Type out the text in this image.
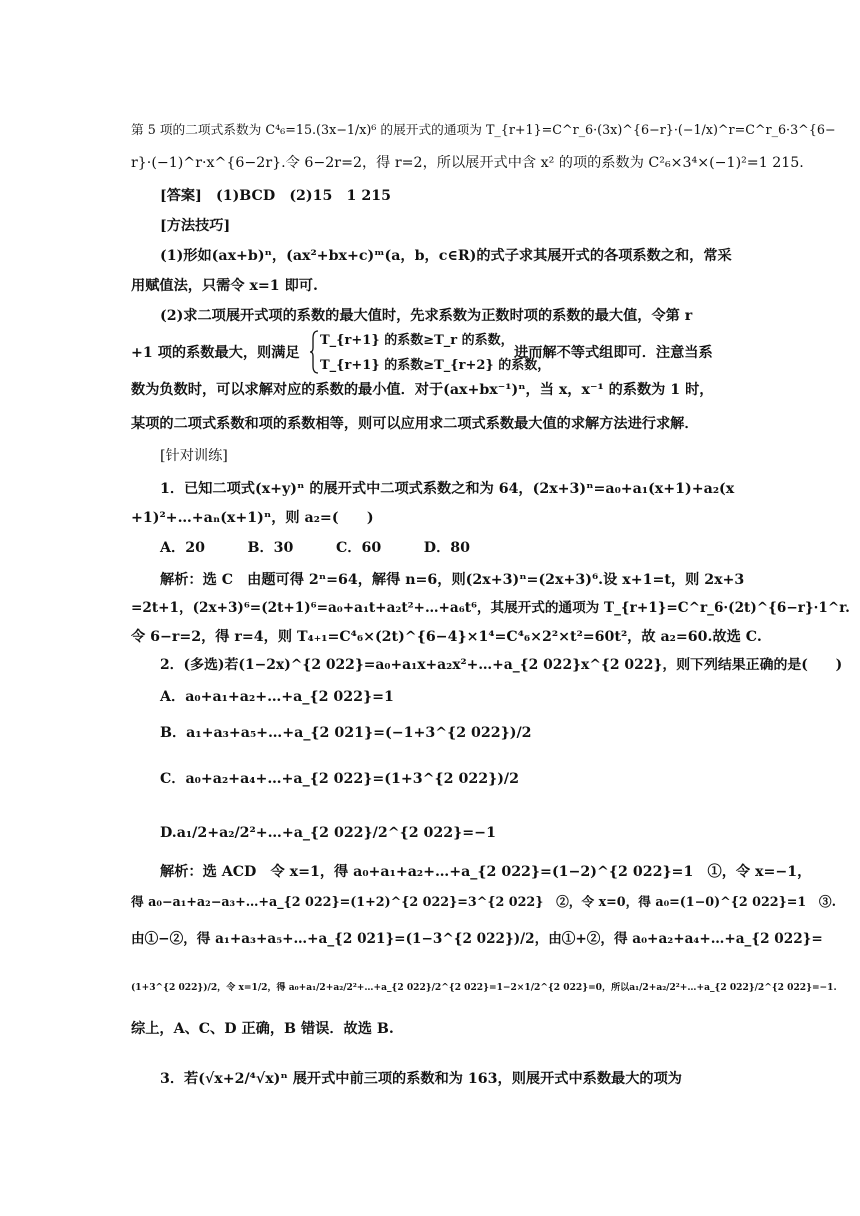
第 5 项的二项式系数为 C⁴₆=15.(3x−1/x)⁶ 的展开式的通项为 T_{r+1}=C^r_6·(3x)^{6−r}·(−1/x)^r=C^r_6·3^{6−
r}·(−1)^r·x^{6−2r}.令 6−2r=2，得 r=2，所以展开式中含 x² 的项的系数为 C²₆×3⁴×(−1)²=1 215.
[答案]　(1)BCD　(2)15　1 215
[方法技巧]
(1)形如(ax+b)ⁿ，(ax²+bx+c)ᵐ(a，b，c∈R)的式子求其展开式的各项系数之和，常采
用赋值法，只需令 x=1 即可.
(2)求二项展开式项的系数的最大值时，先求系数为正数时项的系数的最大值，令第 r
+1 项的系数最大，则满足
T_{r+1} 的系数≥T_r 的系数，
T_{r+1} 的系数≥T_{r+2} 的系数，
进而解不等式组即可．注意当系
数为负数时，可以求解对应的系数的最小值．对于(ax+bx⁻¹)ⁿ，当 x，x⁻¹ 的系数为 1 时，
某项的二项式系数和项的系数相等，则可以应用求二项式系数最大值的求解方法进行求解．
[针对训练]
1．已知二项式(x+y)ⁿ 的展开式中二项式系数之和为 64，(2x+3)ⁿ=a₀+a₁(x+1)+a₂(x
+1)²+…+aₙ(x+1)ⁿ，则 a₂=(　　)
A．20　　　B．30　　　C．60　　　D．80
解析：选 C　由题可得 2ⁿ=64，解得 n=6，则(2x+3)ⁿ=(2x+3)⁶.设 x+1=t，则 2x+3
=2t+1，(2x+3)⁶=(2t+1)⁶=a₀+a₁t+a₂t²+…+a₆t⁶，其展开式的通项为 T_{r+1}=C^r_6·(2t)^{6−r}·1^r.
令 6−r=2，得 r=4，则 T₄₊₁=C⁴₆×(2t)^{6−4}×1⁴=C⁴₆×2²×t²=60t²，故 a₂=60.故选 C.
2．(多选)若(1−2x)^{2 022}=a₀+a₁x+a₂x²+…+a_{2 022}x^{2 022}，则下列结果正确的是(　　)
A．a₀+a₁+a₂+…+a_{2 022}=1
B．a₁+a₃+a₅+…+a_{2 021}=(−1+3^{2 022})/2
C．a₀+a₂+a₄+…+a_{2 022}=(1+3^{2 022})/2
D.a₁/2+a₂/2²+…+a_{2 022}/2^{2 022}=−1
解析：选 ACD　令 x=1，得 a₀+a₁+a₂+…+a_{2 022}=(1−2)^{2 022}=1　①，令 x=−1，
得 a₀−a₁+a₂−a₃+…+a_{2 022}=(1+2)^{2 022}=3^{2 022}　②，令 x=0，得 a₀=(1−0)^{2 022}=1　③.
由①−②，得 a₁+a₃+a₅+…+a_{2 021}=(1−3^{2 022})/2，由①+②，得 a₀+a₂+a₄+…+a_{2 022}=
(1+3^{2 022})/2，令 x=1/2，得 a₀+a₁/2+a₂/2²+…+a_{2 022}/2^{2 022}=1−2×1/2^{2 022}=0，所以a₁/2+a₂/2²+…+a_{2 022}/2^{2 022}=−1.
综上，A、C、D 正确，B 错误．故选 B.
3．若(√x+2/⁴√x)ⁿ 展开式中前三项的系数和为 163，则展开式中系数最大的项为
